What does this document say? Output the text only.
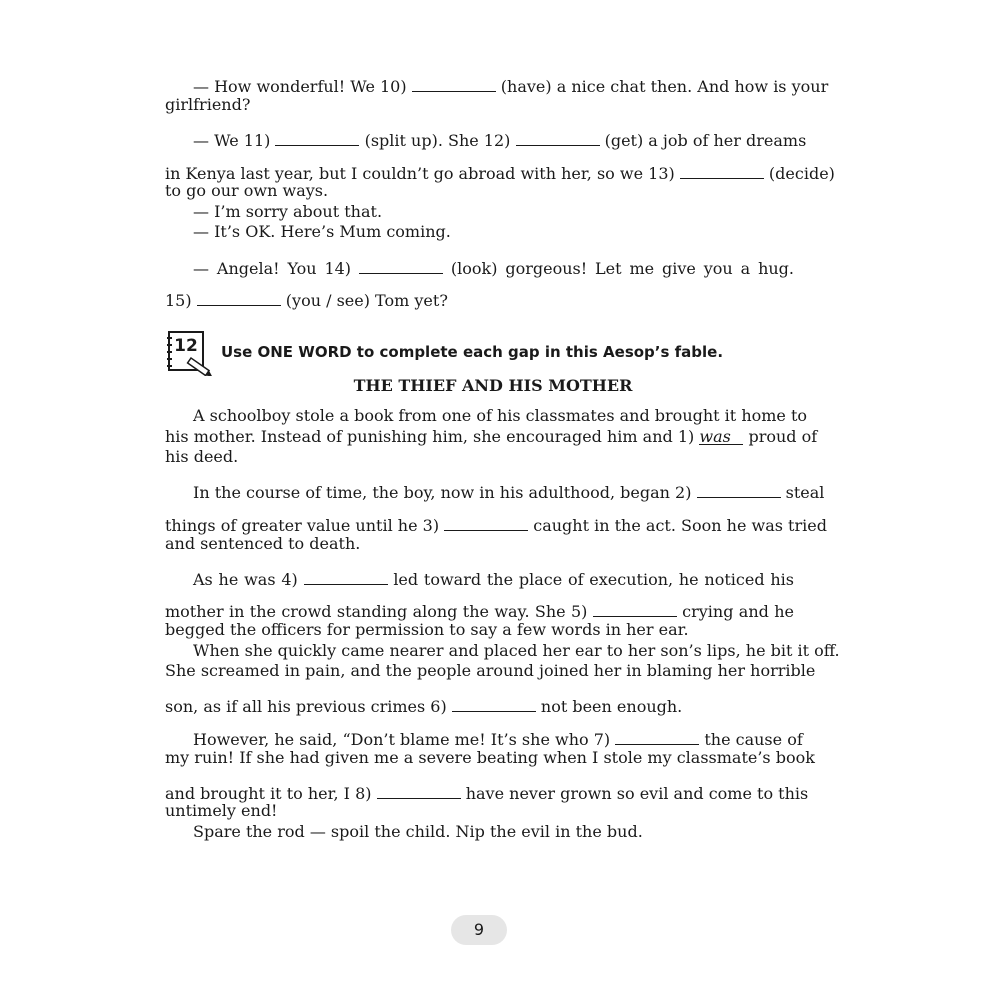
— How wonderful! We 10)	(have) a nice chat then. And how is your
girlfriend?
— We 11)	(split up). She 12)	(get) a job of her dreams
in Kenya last year, but I couldn’t go abroad with her, so we 13)	(decide)
to go our own ways.
— I’m sorry about that.
— It’s OK. Here’s Mum coming.
— Angela! You 14)	(look) gorgeous! Let me give you a hug.
15)	(you / see) Tom yet?
12 Use ONE WORD to complete each gap in this Aesop’s fable.
THE THIEF AND HIS MOTHER
A schoolboy stole a book from one of his classmates and brought it home to
his mother. Instead of punishing him, she encouraged him and 1) was proud of
his deed.
In the course of time, the boy, now in his adulthood, began 2)	steal
things of greater value until he 3)	caught in the act. Soon he was tried
and sentenced to death.
As he was 4)	led toward the place of execution, he noticed his
mother in the crowd standing along the way. She 5)	crying and he
begged the officers for permission to say a few words in her ear.
When she quickly came nearer and placed her ear to her son’s lips, he bit it off.
She screamed in pain, and the people around joined her in blaming her horrible
son, as if all his previous crimes 6)	not been enough.
However, he said, “Don’t blame me! It’s she who 7)	the cause of
my ruin! If she had given me a severe beating when I stole my classmate’s book
and brought it to her, I 8)	have never grown so evil and come to this
untimely end!
Spare the rod — spoil the child. Nip the evil in the bud.
9
